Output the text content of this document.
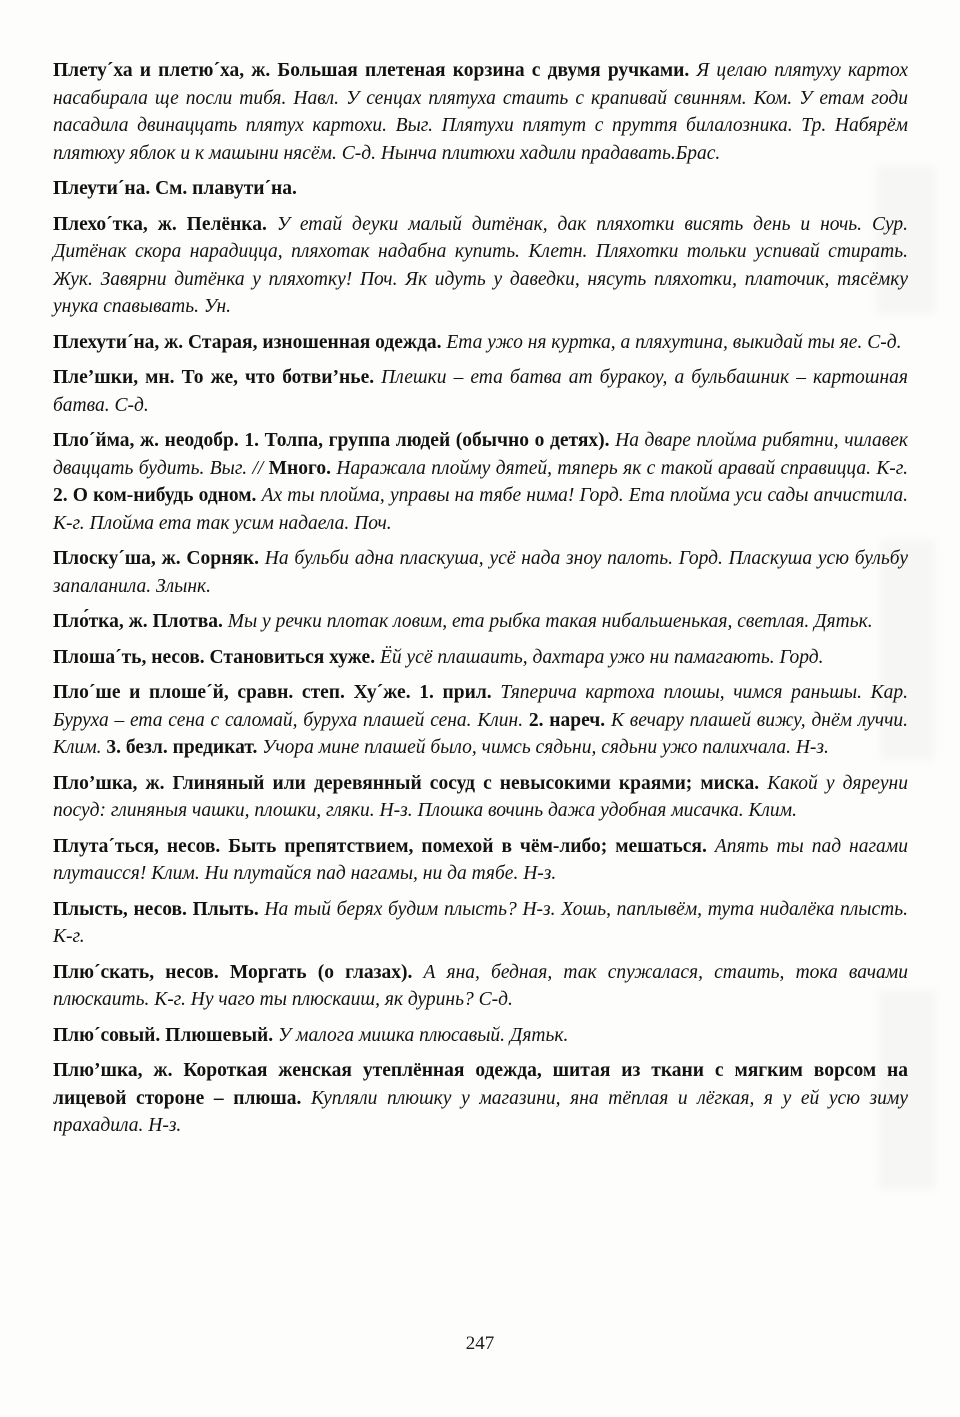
Плету´ха и плетю´ха, ж. Большая плетеная корзина с двумя ручками. Я целаю плятуху картох насабирала ще посли тибя. Навл. У сенцах плятуха стаить с крапивай свинням. Ком. У етам годи пасадила двинаццать плятух картохи. Выг. Плятухи плятут с пруття билалозника. Тр. Набярём плятюху яблок и к машыни нясём. С-д. Нынча плитюхи хадили прадавать.Брас.

Плеути´на. См. плавути´на.

Плехо´тка, ж. Пелёнка. У етай деуки малый дитёнак, дак пляхотки висять день и ночь. Сур. Дитёнак скора нарадицца, пляхотак надабна купить. Клетн. Пляхотки тольки успивай стирать. Жук. Завярни дитёнка у пляхотку! Поч. Як идуть у даведки, нясуть пляхотки, платочик, тясёмку унука спавывать. Ун.

Плехути´на, ж. Старая, изношенная одежда. Ета ужо ня куртка, а пляхутина, выкидай ты яе. С-д.

Пле’шки, мн. То же, что ботви’нье. Плешки – ета батва ат буракоу, а бульбашник – картошная батва. С-д.

Пло´йма, ж. неодобр. 1. Толпа, группа людей (обычно о детях). На дваре плойма рибятни, чилавек дваццать будить. Выг. // Много. Наражала плойму дятей, тяперь як с такой аравай справицца. К-г. 2. О ком-нибудь одном. Ах ты плойма, управы на тябе нима! Горд. Ета плойма уси сады апчистила. К-г. Плойма ета так усим надаела. Поч.

Плоску´ша, ж. Сорняк. На бульби адна пласкуша, усё нада зноу палоть. Горд. Пласкуша усю бульбу запаланила. Злынк.

Пло́тка, ж. Плотва. Мы у речки плотак ловим, ета рыбка такая нибальшенькая, светлая. Дятьк.

Плоша´ть, несов. Становиться хуже. Ёй усё плашаить, дахтара ужо ни памагають. Горд.

Пло´ше и плоше´й, сравн. степ. Ху´же. 1. прил. Тяперича картоха плошы, чимся раньшы. Кар. Буруха – ета сена с саломай, буруха плашей сена. Клин. 2. нареч. К вечару плашей вижу, днём луччи. Клим. 3. безл. предикат. Учора мине плашей было, чимсь сядьни, сядьни ужо палихчала. Н-з.

Пло’шка, ж. Глиняный или деревянный сосуд с невысокими краями; миска. Какой у дяреуни посуд: глиняныя чашки, плошки, гляки. Н-з. Плошка вочинь дажа удобная мисачка. Клим.

Плута´ться, несов. Быть препятствием, помехой в чём-либо; мешаться. Апять ты пад нагами плутаисся! Клим. Ни плутайся пад нагамы, ни да тябе. Н-з.

Плысть, несов. Плыть. На тый берях будим плысть? Н-з. Хошь, паплывём, тута нидалёка плысть. К-г.

Плю´скать, несов. Моргать (о глазах). А яна, бедная, так спужалася, стаить, тока вачами плюскаить. К-г. Ну чаго ты плюскаиш, як дуринь? С-д.

Плю´совый. Плюшевый. У малога мишка плюсавый. Дятьк.

Плю’шка, ж. Короткая женская утеплённая одежда, шитая из ткани с мягким ворсом на лицевой стороне – плюша. Купляли плюшку у магазини, яна тёплая и лёгкая, я у ей усю зиму прахадила. Н-з.

247
